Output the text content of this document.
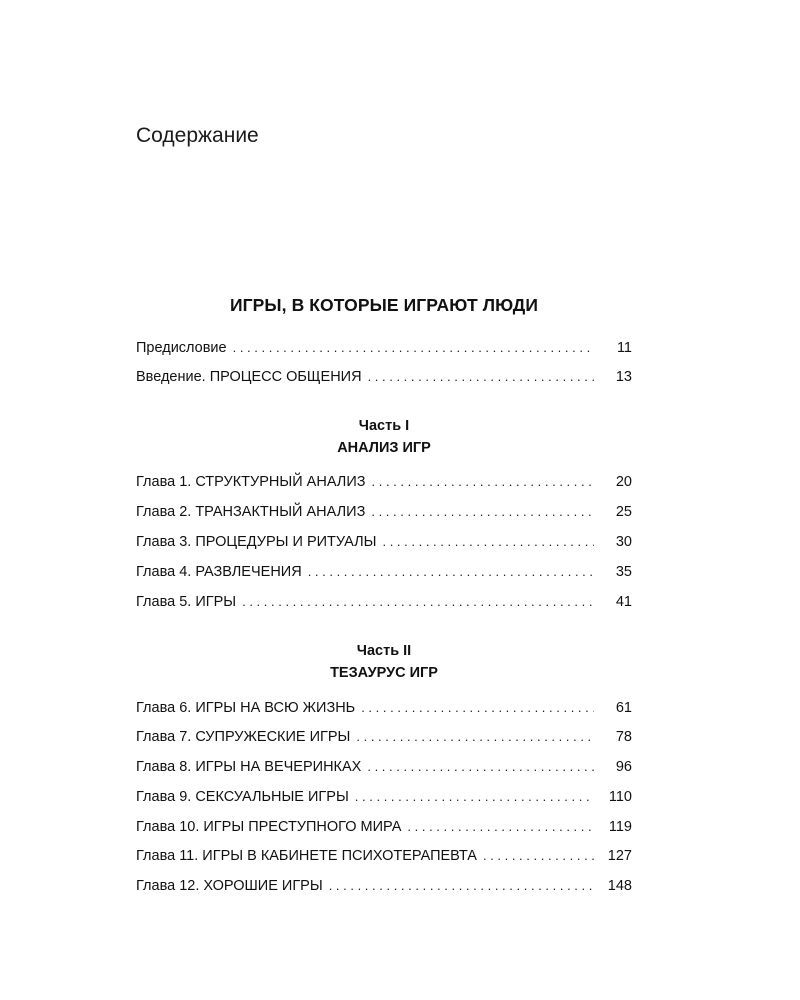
Содержание
ИГРЫ, В КОТОРЫЕ ИГРАЮТ ЛЮДИ
Предисловие . . .	11
Введение. ПРОЦЕСС ОБЩЕНИЯ . . .	13
Часть I
АНАЛИЗ ИГР
Глава 1. СТРУКТУРНЫЙ АНАЛИЗ . . .	20
Глава 2. ТРАНЗАКТНЫЙ АНАЛИЗ . . .	25
Глава 3. ПРОЦЕДУРЫ И РИТУАЛЫ . . .	30
Глава 4. РАЗВЛЕЧЕНИЯ . . .	35
Глава 5. ИГРЫ . . .	41
Часть II
ТЕЗАУРУС ИГР
Глава 6. ИГРЫ НА ВСЮ ЖИЗНЬ . . .	61
Глава 7. СУПРУЖЕСКИЕ ИГРЫ . . .	78
Глава 8. ИГРЫ НА ВЕЧЕРИНКАХ . . .	96
Глава 9. СЕКСУАЛЬНЫЕ ИГРЫ . . .	110
Глава 10. ИГРЫ ПРЕСТУПНОГО МИРА . . .	119
Глава 11. ИГРЫ В КАБИНЕТЕ ПСИХОТЕРАПЕВТА . . .	127
Глава 12. ХОРОШИЕ ИГРЫ . . .	148
